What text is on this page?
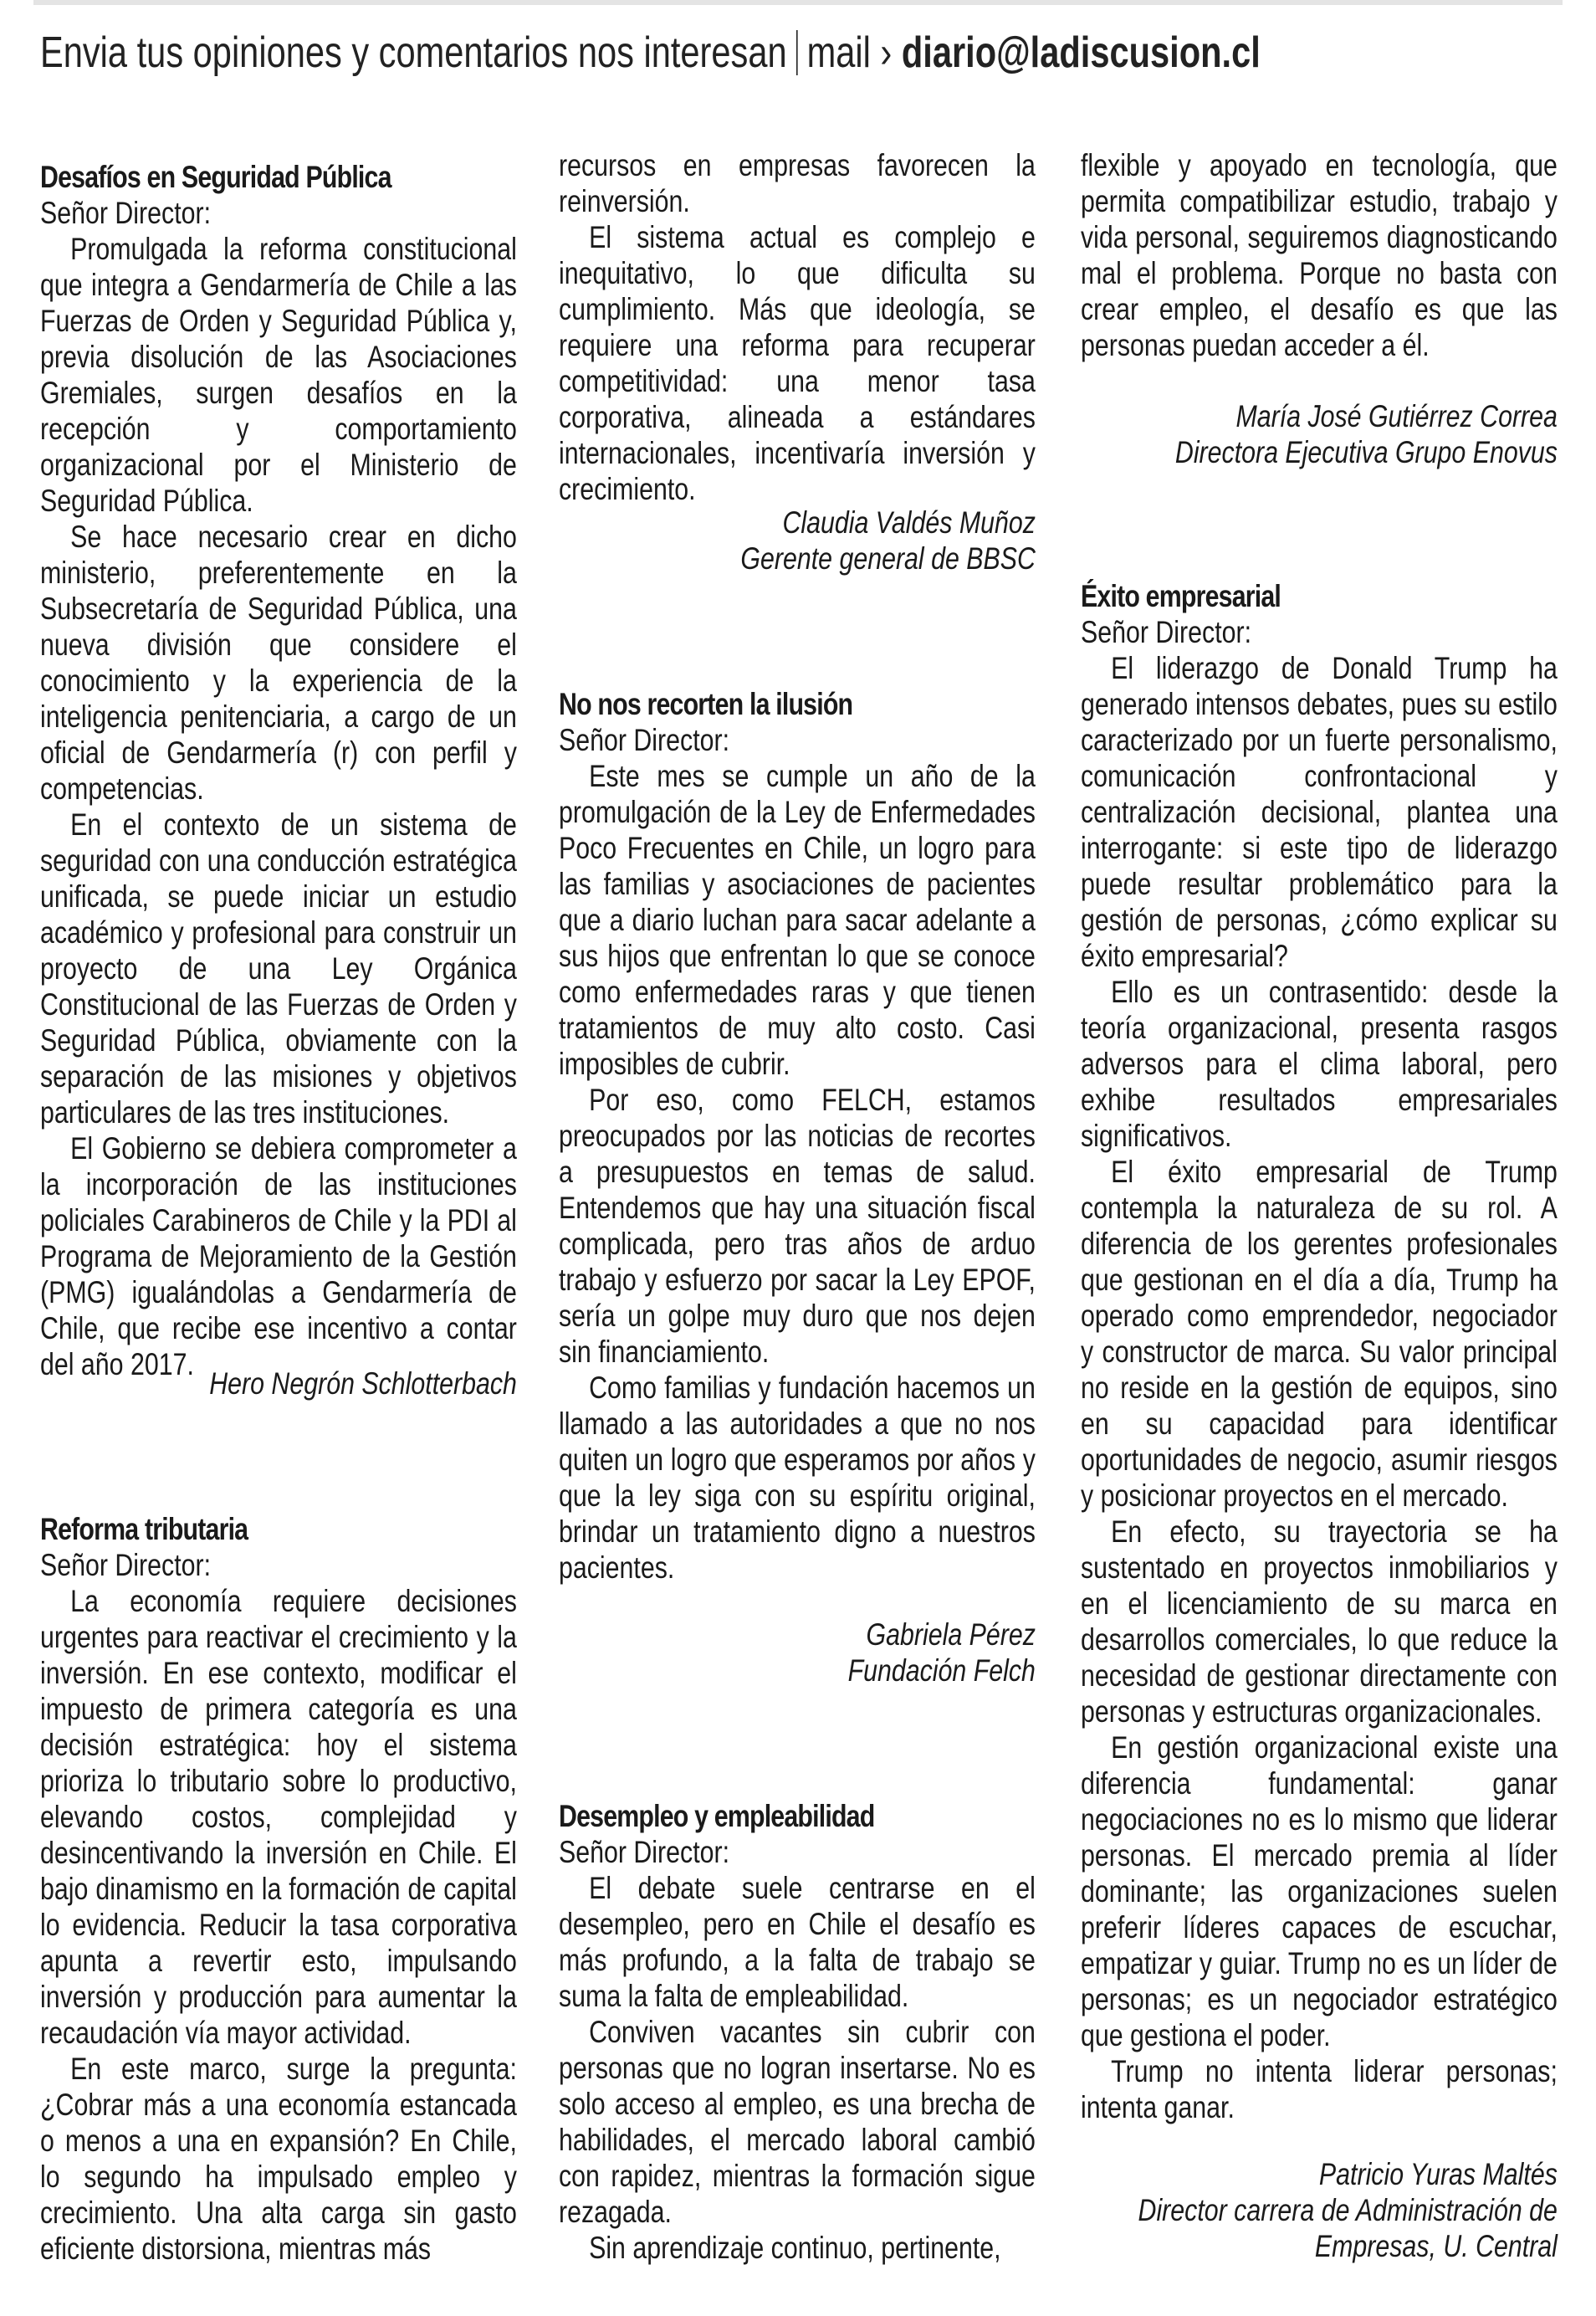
Envia tus opiniones y comentarios nos interesan mail › diario@ladiscusion.cl
Desafíos en Seguridad Pública
Señor Director:

Promulgada la reforma constitucional que integra a Gendarmería de Chile a las Fuerzas de Orden y Seguridad Pública y, previa disolución de las Asociaciones Gremiales, surgen desafíos en la recepción y comportamiento organizacional por el Ministerio de Seguridad Pública.

Se hace necesario crear en dicho ministerio, preferentemente en la Subsecretaría de Seguridad Pública, una nueva división que considere el conocimiento y la experiencia de la inteligencia penitenciaria, a cargo de un oficial de Gendarmería (r) con perfil y competencias.

En el contexto de un sistema de seguridad con una conducción estratégica unificada, se puede iniciar un estudio académico y profesional para construir un proyecto de una Ley Orgánica Constitucional de las Fuerzas de Orden y Seguridad Pública, obviamente con la separación de las misiones y objetivos particulares de las tres instituciones.

El Gobierno se debiera comprometer a la incorporación de las instituciones policiales Carabineros de Chile y la PDI al Programa de Mejoramiento de la Gestión (PMG) igualándolas a Gendarmería de Chile, que recibe ese incentivo a contar del año 2017.

Hero Negrón Schlotterbach
Reforma tributaria
Señor Director:

La economía requiere decisiones urgentes para reactivar el crecimiento y la inversión. En ese contexto, modificar el impuesto de primera categoría es una decisión estratégica: hoy el sistema prioriza lo tributario sobre lo productivo, elevando costos, complejidad y desincentivando la inversión en Chile. El bajo dinamismo en la formación de capital lo evidencia. Reducir la tasa corporativa apunta a revertir esto, impulsando inversión y producción para aumentar la recaudación vía mayor actividad.

En este marco, surge la pregunta: ¿Cobrar más a una economía estancada o menos a una en expansión? En Chile, lo segundo ha impulsado empleo y crecimiento. Una alta carga sin gasto eficiente distorsiona, mientras más

recursos en empresas favorecen la reinversión.

El sistema actual es complejo e inequitativo, lo que dificulta su cumplimiento. Más que ideología, se requiere una reforma para recuperar competitividad: una menor tasa corporativa, alineada a estándares internacionales, incentivaría inversión y crecimiento.

Claudia Valdés Muñoz
Gerente general de BBSC
No nos recorten la ilusión
Señor Director:

Este mes se cumple un año de la promulgación de la Ley de Enfermedades Poco Frecuentes en Chile, un logro para las familias y asociaciones de pacientes que a diario luchan para sacar adelante a sus hijos que enfrentan lo que se conoce como enfermedades raras y que tienen tratamientos de muy alto costo. Casi imposibles de cubrir.

Por eso, como FELCH, estamos preocupados por las noticias de recortes a presupuestos en temas de salud. Entendemos que hay una situación fiscal complicada, pero tras años de arduo trabajo y esfuerzo por sacar la Ley EPOF, sería un golpe muy duro que nos dejen sin financiamiento.

Como familias y fundación hacemos un llamado a las autoridades a que no nos quiten un logro que esperamos por años y que la ley siga con su espíritu original, brindar un tratamiento digno a nuestros pacientes.

Gabriela Pérez
Fundación Felch
Desempleo y empleabilidad
Señor Director:

El debate suele centrarse en el desempleo, pero en Chile el desafío es más profundo, a la falta de trabajo se suma la falta de empleabilidad.

Conviven vacantes sin cubrir con personas que no logran insertarse. No es solo acceso al empleo, es una brecha de habilidades, el mercado laboral cambió con rapidez, mientras la formación sigue rezagada.

Sin aprendizaje continuo, pertinente,

flexible y apoyado en tecnología, que permita compatibilizar estudio, trabajo y vida personal, seguiremos diagnosticando mal el problema. Porque no basta con crear empleo, el desafío es que las personas puedan acceder a él.

María José Gutiérrez Correa
Directora Ejecutiva Grupo Enovus
Éxito empresarial
Señor Director:

El liderazgo de Donald Trump ha generado intensos debates, pues su estilo caracterizado por un fuerte personalismo, comunicación confrontacional y centralización decisional, plantea una interrogante: si este tipo de liderazgo puede resultar problemático para la gestión de personas, ¿cómo explicar su éxito empresarial?

Ello es un contrasentido: desde la teoría organizacional, presenta rasgos adversos para el clima laboral, pero exhibe resultados empresariales significativos.

El éxito empresarial de Trump contempla la naturaleza de su rol. A diferencia de los gerentes profesionales que gestionan en el día a día, Trump ha operado como emprendedor, negociador y constructor de marca. Su valor principal no reside en la gestión de equipos, sino en su capacidad para identificar oportunidades de negocio, asumir riesgos y posicionar proyectos en el mercado.

En efecto, su trayectoria se ha sustentado en proyectos inmobiliarios y en el licenciamiento de su marca en desarrollos comerciales, lo que reduce la necesidad de gestionar directamente con personas y estructuras organizacionales.

En gestión organizacional existe una diferencia fundamental: ganar negociaciones no es lo mismo que liderar personas. El mercado premia al líder dominante; las organizaciones suelen preferir líderes capaces de escuchar, empatizar y guiar. Trump no es un líder de personas; es un negociador estratégico que gestiona el poder.

Trump no intenta liderar personas; intenta ganar.

Patricio Yuras Maltés
Director carrera de Administración de Empresas, U. Central
